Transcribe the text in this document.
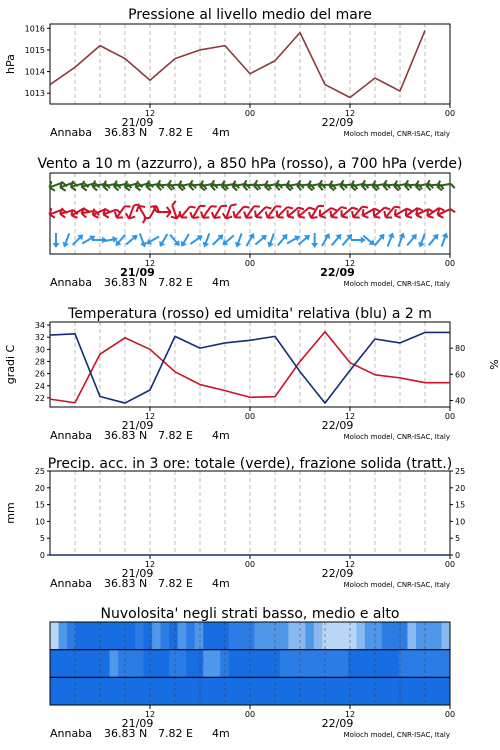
Pressione al livello medio del mare
12	00	12	00
21/09	22/09
Annaba 36.83 N 7.82 E 4m	Moloch model, CNR-ISAC, Italy
1013
1014
1015
1016
hPa
Vento a 10 m (azzurro), a 850 hPa (rosso), a 700 hPa (verde)
12	00	12	00
21/09	22/09
Annaba 36.83 N 7.82 E 4m	Moloch model, CNR-ISAC, Italy
Temperatura (rosso) ed umidita' relativa (blu) a 2 m
12	00	12	00
21/09	22/09
Annaba 36.83 N 7.82 E 4m	Moloch model, CNR-ISAC, Italy
22
24
26
28
30
32
34
40
60
80
gradi C	%
Precip. acc. in 3 ore: totale (verde), frazione solida (tratt.)
12	00	12	00
21/09	22/09
Annaba 36.83 N 7.82 E 4m	Moloch model, CNR-ISAC, Italy
0
5
10
15
20
25
0
5
10
15
20
25
mm
Nuvolosita' negli strati basso, medio e alto
12	00	12	00
21/09	22/09
Annaba 36.83 N 7.82 E 4m	Moloch model, CNR-ISAC, Italy
